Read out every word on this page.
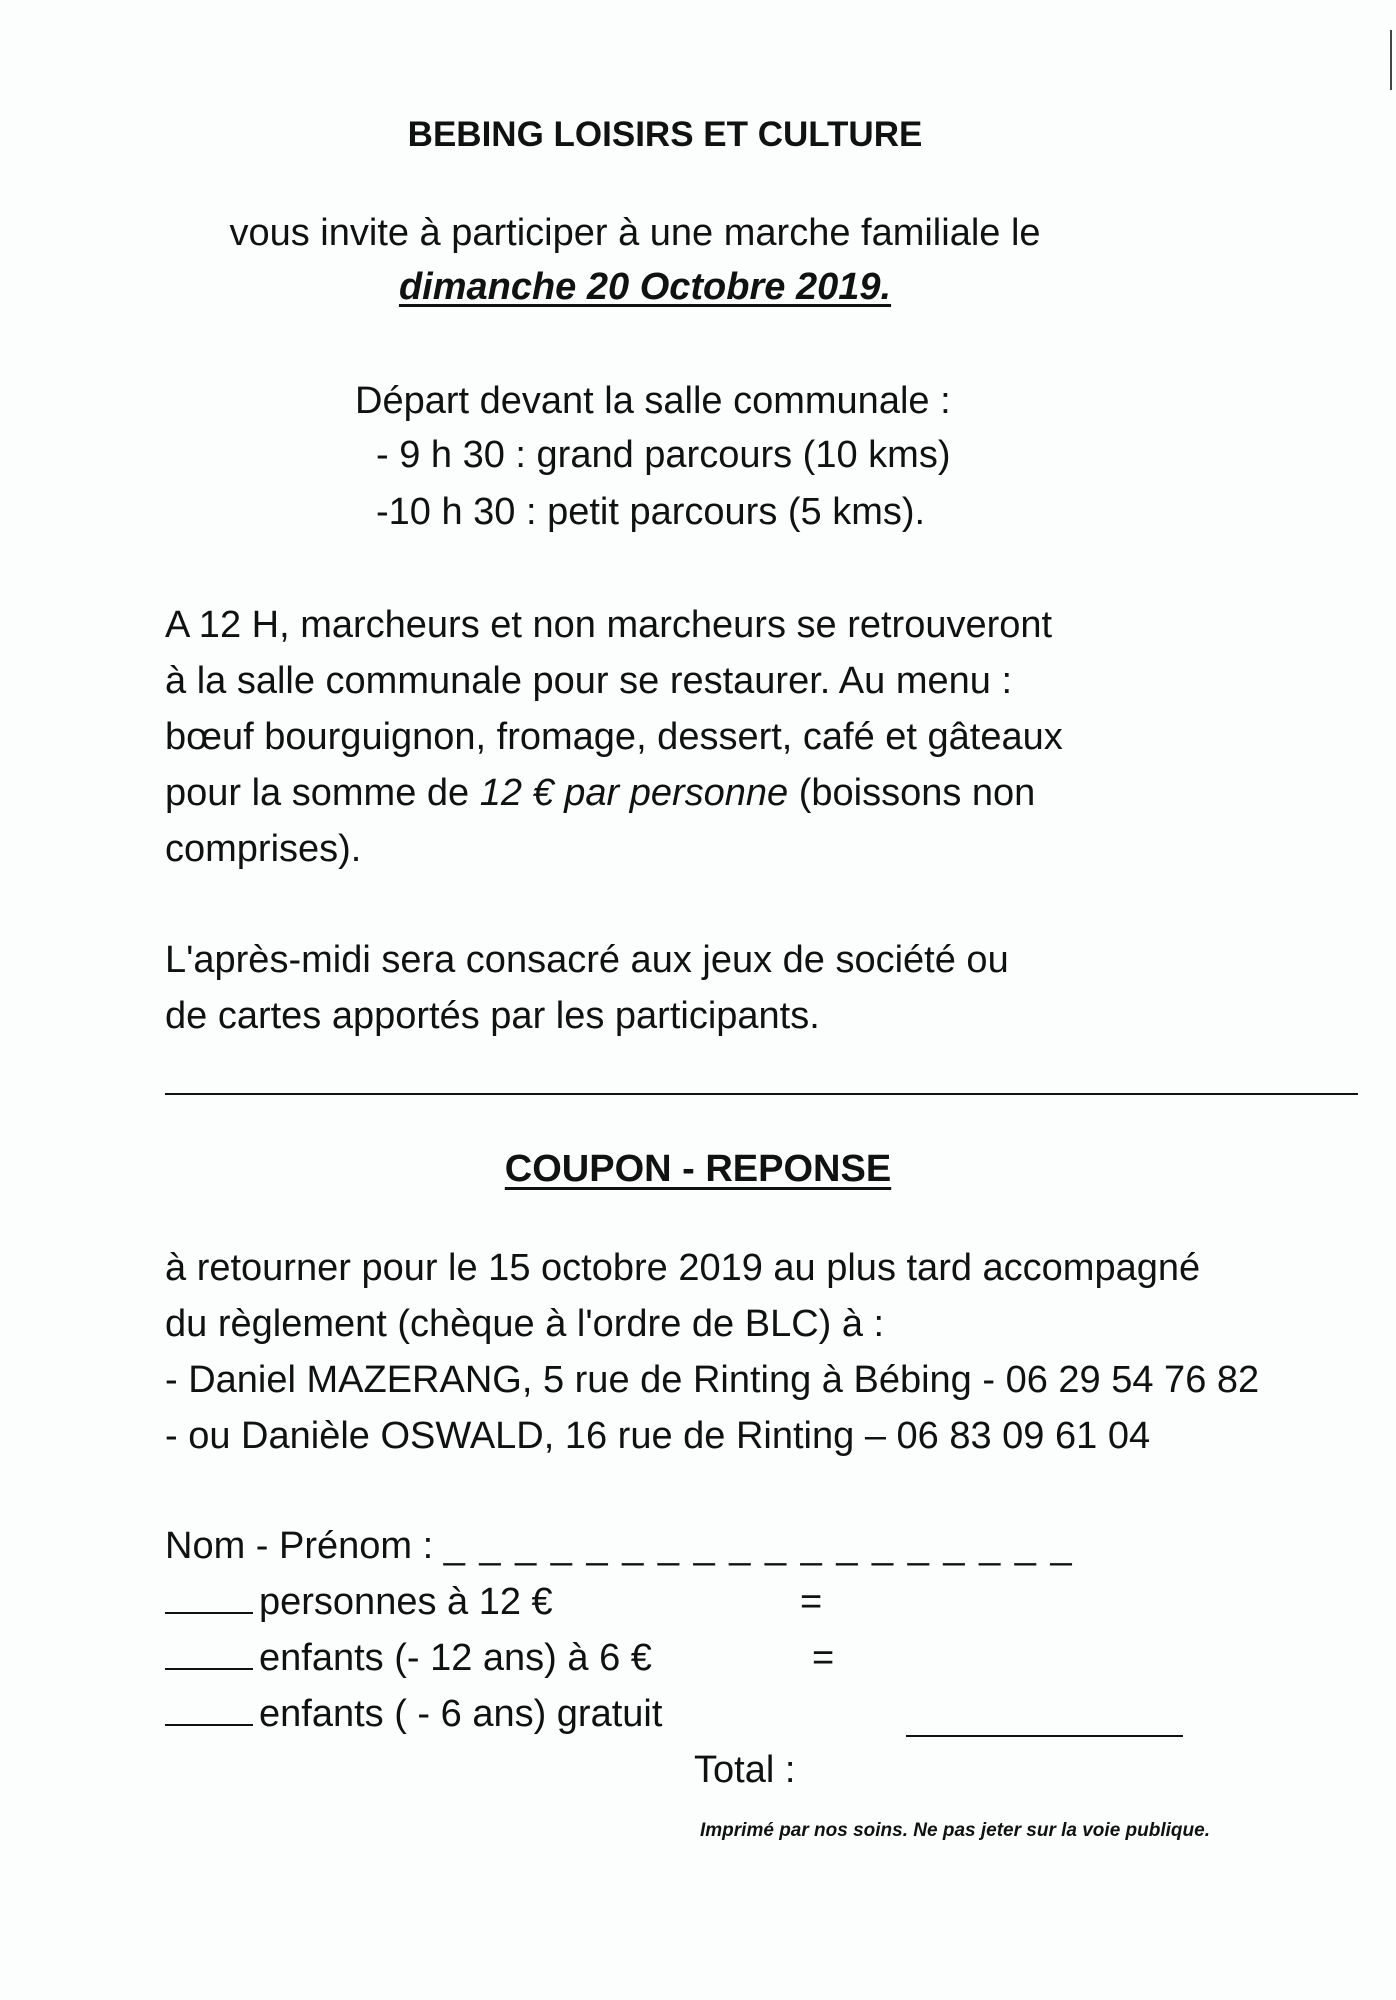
BEBING LOISIRS ET CULTURE
vous invite à participer à une marche familiale le
dimanche 20 Octobre 2019.
Départ devant la salle communale :
- 9 h 30 : grand parcours (10 kms)
-10 h 30 : petit parcours (5 kms).
A 12 H, marcheurs et non marcheurs se retrouveront
à la salle communale pour se restaurer. Au menu :
bœuf bourguignon, fromage, dessert, café et gâteaux
pour la somme de 12 € par personne (boissons non
comprises).
L'après-midi sera consacré aux jeux de société ou
de cartes apportés par les participants.
COUPON - REPONSE
à retourner pour le 15 octobre 2019 au plus tard accompagné
du règlement (chèque à l'ordre de BLC) à :
- Daniel MAZERANG, 5 rue de Rinting à Bébing - 06 29 54 76 82
- ou Danièle OSWALD, 16 rue de Rinting – 06 83 09 61 04
Nom - Prénom : _ _ _ _ _ _ _ _ _ _ _ _ _ _ _ _ _ _
personnes à 12 €	=
enfants (- 12 ans) à 6 €	=
enfants ( - 6 ans) gratuit
Total :
Imprimé par nos soins. Ne pas jeter sur la voie publique.
